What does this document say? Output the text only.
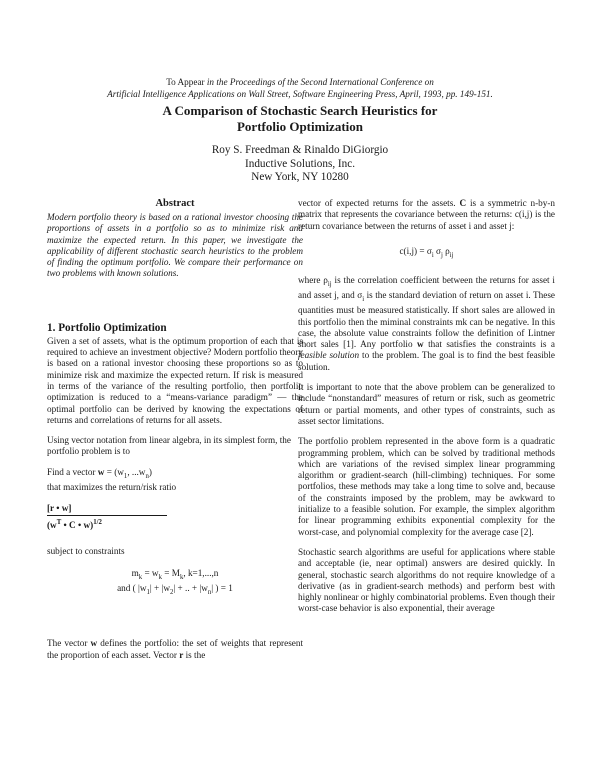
To Appear in the Proceedings of the Second International Conference on
Artificial Intelligence Applications on Wall Street, Software Engineering Press, April, 1993, pp. 149-151.
A Comparison of Stochastic Search Heuristics for
Portfolio Optimization
Roy S. Freedman & Rinaldo DiGiorgio
Inductive Solutions, Inc.
New York, NY 10280
Abstract

Modern portfolio theory is based on a rational investor choosing the proportions of assets in a portfolio so as to minimize risk and maximize the expected return. In this paper, we investigate the applicability of different stochastic search heuristics to the problem of finding the optimum portfolio. We compare their performance on two problems with known solutions.

1. Portfolio Optimization

Given a set of assets, what is the optimum proportion of each that is required to achieve an investment objective? Modern portfolio theory is based on a rational investor choosing these proportions so as to minimize risk and maximize the expected return. If risk is measured in terms of the variance of the resulting portfolio, then portfolio optimization is reduced to a “means-variance paradigm” — the optimal portfolio can be derived by knowing the expectations of returns and correlations of returns for all assets.

Using vector notation from linear algebra, in its simplest form, the portfolio problem is to

Find a vector $w = (w_1$, $...w_n$)

that maximizes the return/risk ratio

$\frac{[r • w]}{(w^T • C • w)^{1/2}}$

subject to constraints

$m_k = w_k = M_k$, k=1,...,n
and ( $|w_1| + |w_2|$ + .. + $|w_n|$ ) = 1

The vector w defines the portfolio: the set of weights that represent the proportion of each asset. Vector r is the

vector of expected returns for the assets. C is a symmetric n-by-n matrix that represents the covariance between the returns: c(i,j) is the return covariance between the returns of asset i and asset j:

$c(i,j) = \sigma_i$ $\sigma_j$ $\rho_{ij}$

where $\rho_{ij}$ is the correlation coefficient between the returns for asset i and asset j, and $\sigma_i$ is the standard deviation of return on asset i. These quantities must be measured statistically. If short sales are allowed in this portfolio then the miminal constraints mk can be negative. In this case, the absolute value constraints follow the definition of Lintner short sales [1]. Any portfolio w that satisfies the constraints is a feasible solution to the problem. The goal is to find the best feasible solution.

It is important to note that the above problem can be generalized to include “nonstandard” measures of return or risk, such as geometric return or partial moments, and other types of constraints, such as asset sector limitations.

The portfolio problem represented in the above form is a quadratic programming problem, which can be solved by traditional methods which are variations of the revised simplex linear programming algorithm or gradient-search (hill-climbing) techniques. For some portfolios, these methods may take a long time to solve and, because of the constraints imposed by the problem, may be awkward to initialize to a feasible solution. For example, the simplex algorithm for linear programming exhibits exponential complexity for the worst-case, and polynomial complexity for the average case [2].

Stochastic search algorithms are useful for applications where stable and acceptable (ie, near optimal) answers are desired quickly. In general, stochastic search algorithms do not require knowledge of a derivative (as in gradient-search methods) and perform best with highly nonlinear or highly combinatorial problems. Even though their worst-case behavior is also exponential, their average
